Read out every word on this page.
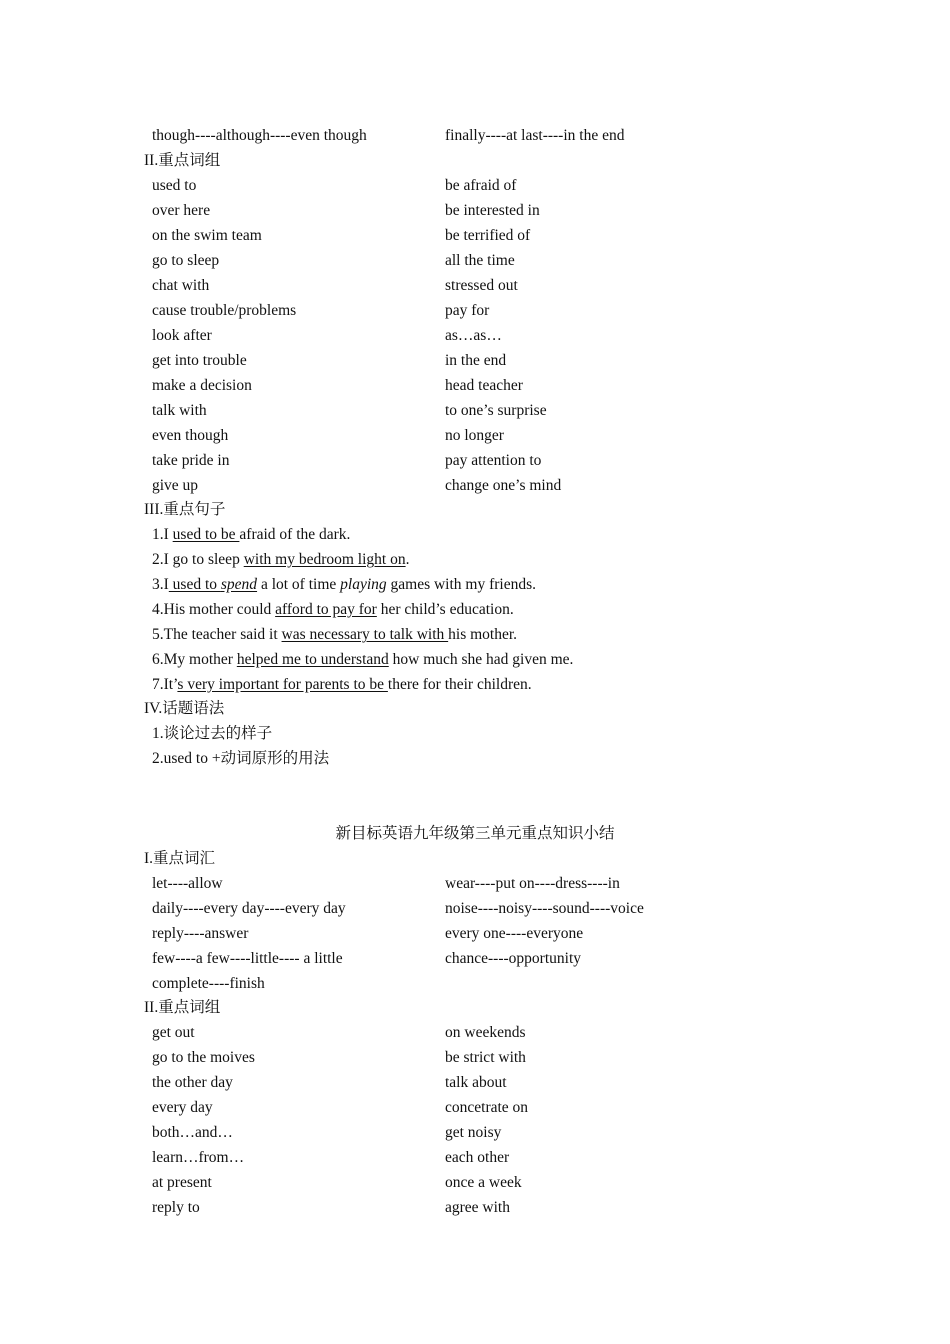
though----although----even though	finally----at last----in the end
II.重点词组
used to	be afraid of
over here	be interested in
on the swim team	be terrified of
go to sleep	all the time
chat with	stressed out
cause trouble/problems	pay for
look after	as…as…
get into trouble	in the end
make a decision	head teacher
talk with	to one’s surprise
even though	no longer
take pride in	pay attention to
give up	change one’s mind
III.重点句子
1.I used to be afraid of the dark.
2.I go to sleep with my bedroom light on.
3.I used to spend a lot of time playing games with my friends.
4.His mother could afford to pay for her child’s education.
5.The teacher said it was necessary to talk with his mother.
6.My mother helped me to understand how much she had given me.
7.It’s very important for parents to be there for their children.
IV.话题语法
1.谈论过去的样子
2.used to +动词原形的用法
新目标英语九年级第三单元重点知识小结
I.重点词汇
let----allow	wear----put on----dress----in
daily----every day----every day	noise----noisy----sound----voice
reply----answer	every one----everyone
few----a few----little---- a little	chance----opportunity
complete----finish
II.重点词组
get out	on weekends
go to the moives	be strict with
the other day	talk about
every day	concetrate on
both…and…	get noisy
learn…from…	each other
at present	once a week
reply to	agree with
